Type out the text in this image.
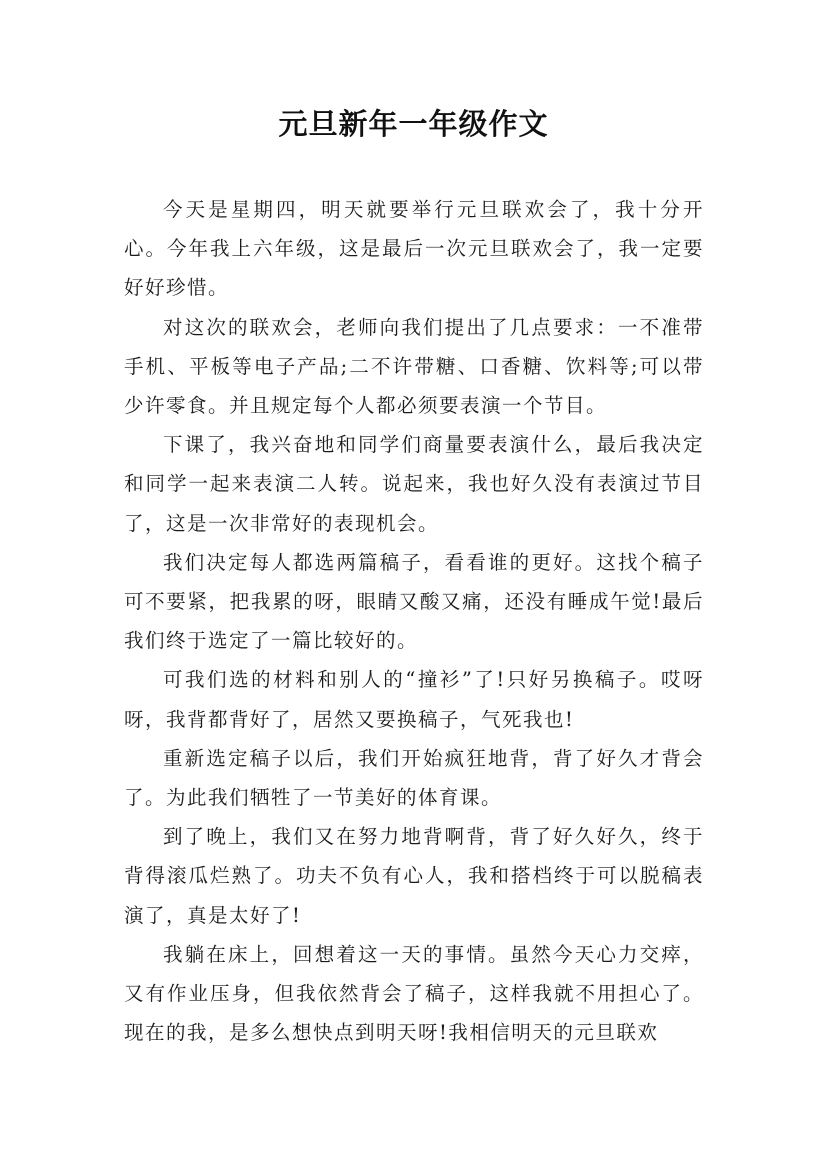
元旦新年一年级作文

今天是星期四，明天就要举行元旦联欢会了，我十分开心。今年我上六年级，这是最后一次元旦联欢会了，我一定要好好珍惜。

对这次的联欢会，老师向我们提出了几点要求：一不准带手机、平板等电子产品;二不许带糖、口香糖、饮料等;可以带少许零食。并且规定每个人都必须要表演一个节目。

下课了，我兴奋地和同学们商量要表演什么，最后我决定和同学一起来表演二人转。说起来，我也好久没有表演过节目了，这是一次非常好的表现机会。

我们决定每人都选两篇稿子，看看谁的更好。这找个稿子可不要紧，把我累的呀，眼睛又酸又痛，还没有睡成午觉!最后我们终于选定了一篇比较好的。

可我们选的材料和别人的“撞衫”了!只好另换稿子。哎呀呀，我背都背好了，居然又要换稿子，气死我也!

重新选定稿子以后，我们开始疯狂地背，背了好久才背会了。为此我们牺牲了一节美好的体育课。

到了晚上，我们又在努力地背啊背，背了好久好久，终于背得滚瓜烂熟了。功夫不负有心人，我和搭档终于可以脱稿表演了，真是太好了!

我躺在床上，回想着这一天的事情。虽然今天心力交瘁，又有作业压身，但我依然背会了稿子，这样我就不用担心了。现在的我，是多么想快点到明天呀!我相信明天的元旦联欢
